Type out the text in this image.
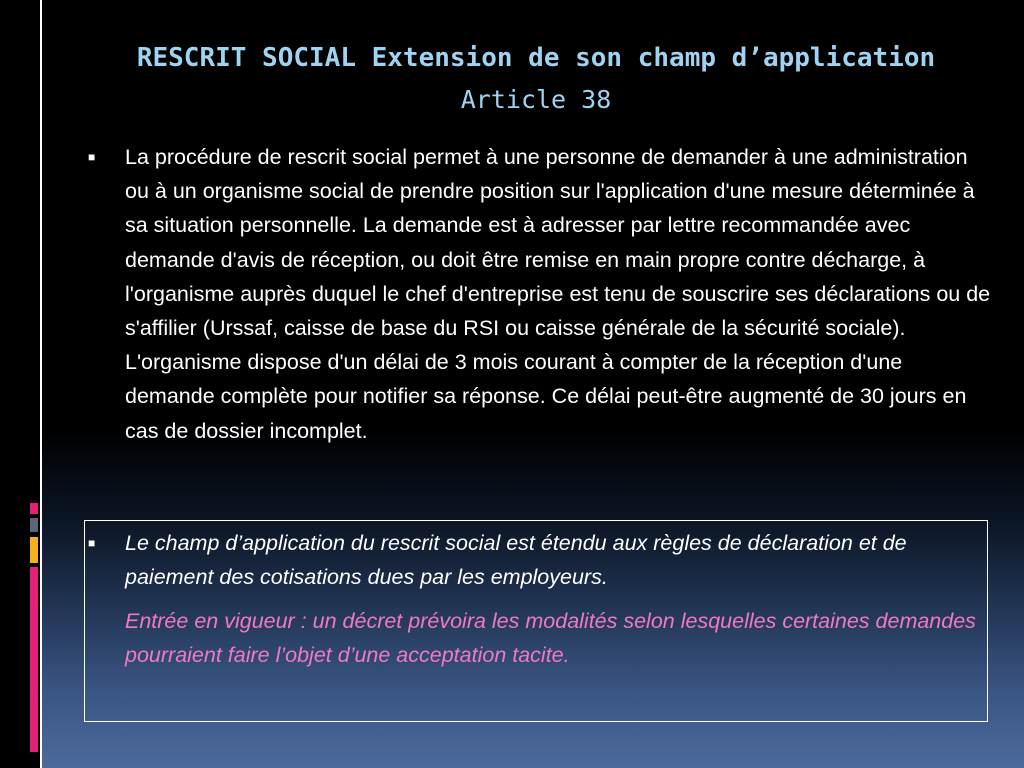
RESCRIT SOCIAL Extension de son champ d’application
Article 38
■ La procédure de rescrit social permet à une personne de demander à une administration ou à un organisme social de prendre position sur l'application d'une mesure déterminée à sa situation personnelle. La demande est à adresser par lettre recommandée avec demande d'avis de réception, ou doit être remise en main propre contre décharge, à l'organisme auprès duquel le chef d'entreprise est tenu de souscrire ses déclarations ou de s'affilier (Urssaf, caisse de base du RSI ou caisse générale de la sécurité sociale). L'organisme dispose d'un délai de 3 mois courant à compter de la réception d'une demande complète pour notifier sa réponse. Ce délai peut-être augmenté de 30 jours en cas de dossier incomplet.
■ Le champ d’application du rescrit social est étendu aux règles de déclaration et de paiement des cotisations dues par les employeurs.
Entrée en vigueur : un décret prévoira les modalités selon lesquelles certaines demandes pourraient faire l’objet d’une acceptation tacite.
